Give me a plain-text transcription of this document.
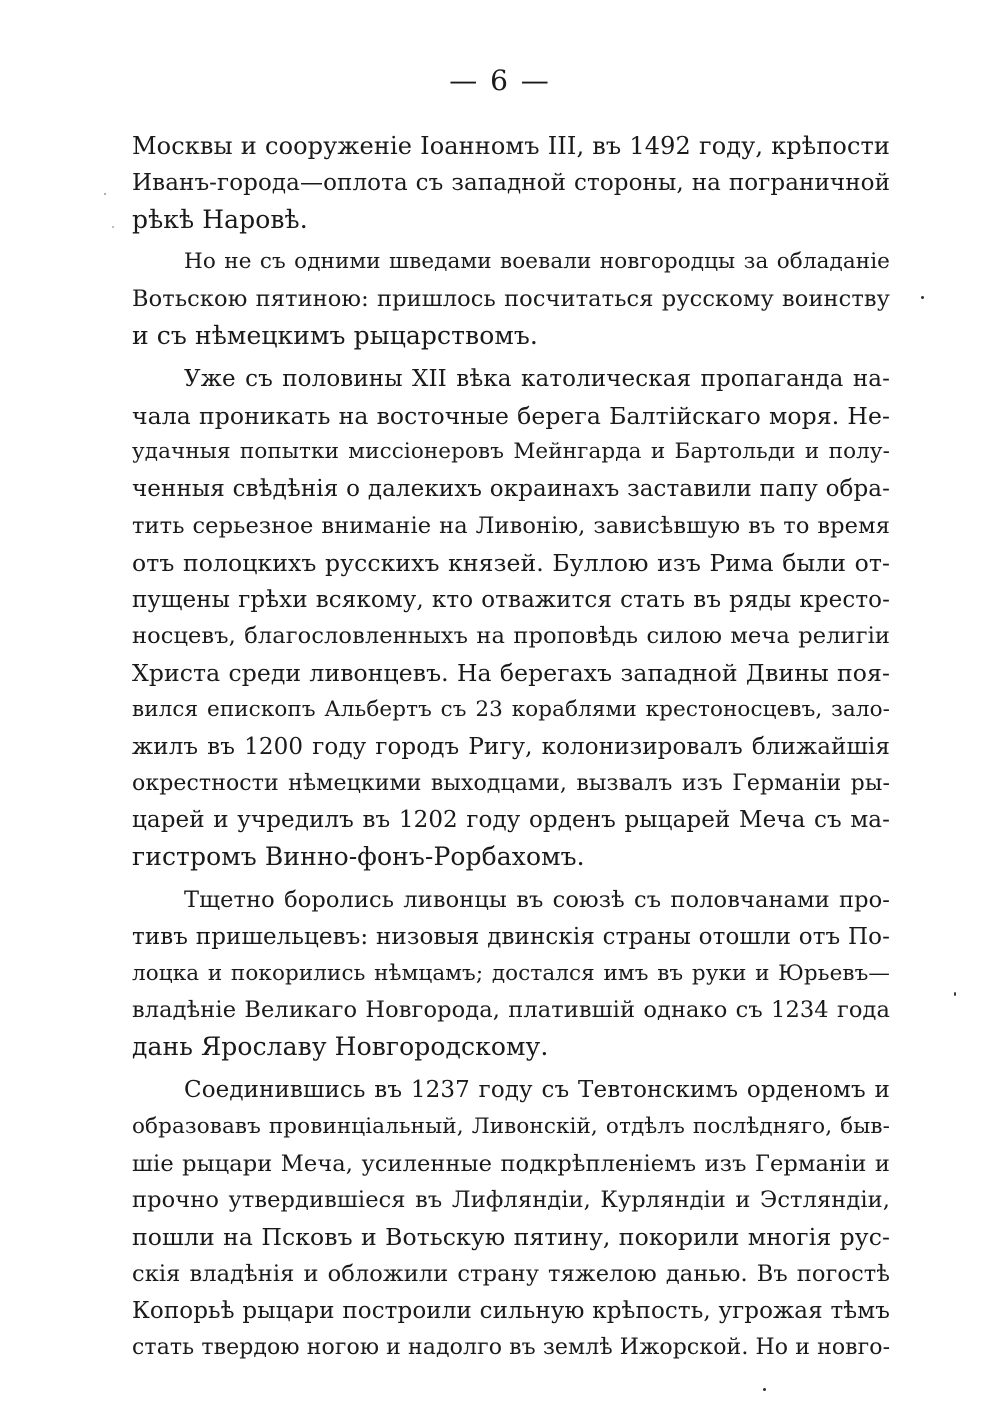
— 6 —
Москвы и сооруженіе Іоанномъ III, въ 1492 году, крѣпости
Иванъ-города—оплота съ западной стороны, на пограничной
рѣкѣ Наровѣ.
Но не съ одними шведами воевали новгородцы за обладаніе
Вотьскою пятиною: пришлось посчитаться русскому воинству
и съ нѣмецкимъ рыцарствомъ.
Уже съ половины XII вѣка католическая пропаганда на-
чала проникать на восточные берега Балтійскаго моря. Не-
удачныя попытки миссіонеровъ Мейнгарда и Бартольди и полу-
ченныя свѣдѣнія о далекихъ окраинахъ заставили папу обра-
тить серьезное вниманіе на Ливонію, зависѣвшую въ то время
отъ полоцкихъ русскихъ князей. Буллою изъ Рима были от-
пущены грѣхи всякому, кто отважится стать въ ряды кресто-
носцевъ, благословленныхъ на проповѣдь силою меча религіи
Христа среди ливонцевъ. На берегахъ западной Двины поя-
вился епископъ Альбертъ съ 23 кораблями крестоносцевъ, зало-
жилъ въ 1200 году городъ Ригу, колонизировалъ ближайшія
окрестности нѣмецкими выходцами, вызвалъ изъ Германіи ры-
царей и учредилъ въ 1202 году орденъ рыцарей Меча съ ма-
гистромъ Винно-фонъ-Рорбахомъ.
Тщетно боролись ливонцы въ союзѣ съ половчанами про-
тивъ пришельцевъ: низовыя двинскія страны отошли отъ По-
лоцка и покорились нѣмцамъ; достался имъ въ руки и Юрьевъ—
владѣніе Великаго Новгорода, платившій однако съ 1234 года
дань Ярославу Новгородскому.
Соединившись въ 1237 году съ Тевтонскимъ орденомъ и
образовавъ провинціальный, Ливонскій, отдѣлъ послѣдняго, быв-
шіе рыцари Меча, усиленные подкрѣпленіемъ изъ Германіи и
прочно утвердившіеся въ Лифляндіи, Курляндіи и Эстляндіи,
пошли на Псковъ и Вотьскую пятину, покорили многія рус-
скія владѣнія и обложили страну тяжелою данью. Въ погостѣ
Копорьѣ рыцари построили сильную крѣпость, угрожая тѣмъ
стать твердою ногою и надолго въ землѣ Ижорской. Но и новго-
